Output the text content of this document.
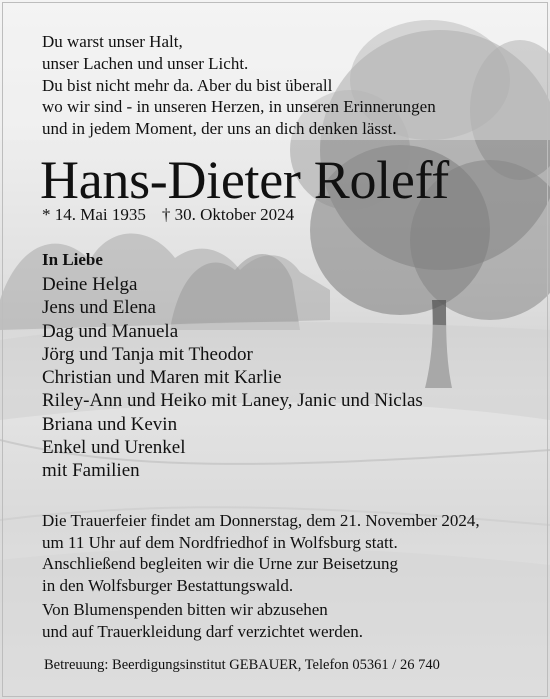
Du warst unser Halt,
unser Lachen und unser Licht.
Du bist nicht mehr da. Aber du bist überall
wo wir sind - in unseren Herzen, in unseren Erinnerungen
und in jedem Moment, der uns an dich denken lässt.

Hans-Dieter Roleff

* 14. Mai 1935 † 30. Oktober 2024

In Liebe

Deine Helga
Jens und Elena
Dag und Manuela
Jörg und Tanja mit Theodor
Christian und Maren mit Karlie
Riley-Ann und Heiko mit Laney, Janic und Niclas
Briana und Kevin
Enkel und Urenkel
mit Familien

Die Trauerfeier findet am Donnerstag, dem 21. November 2024,
um 11 Uhr auf dem Nordfriedhof in Wolfsburg statt.
Anschließend begleiten wir die Urne zur Beisetzung
in den Wolfsburger Bestattungswald.

Von Blumenspenden bitten wir abzusehen
und auf Trauerkleidung darf verzichtet werden.

Betreuung: Beerdigungsinstitut GEBAUER, Telefon 05361 / 26 740
